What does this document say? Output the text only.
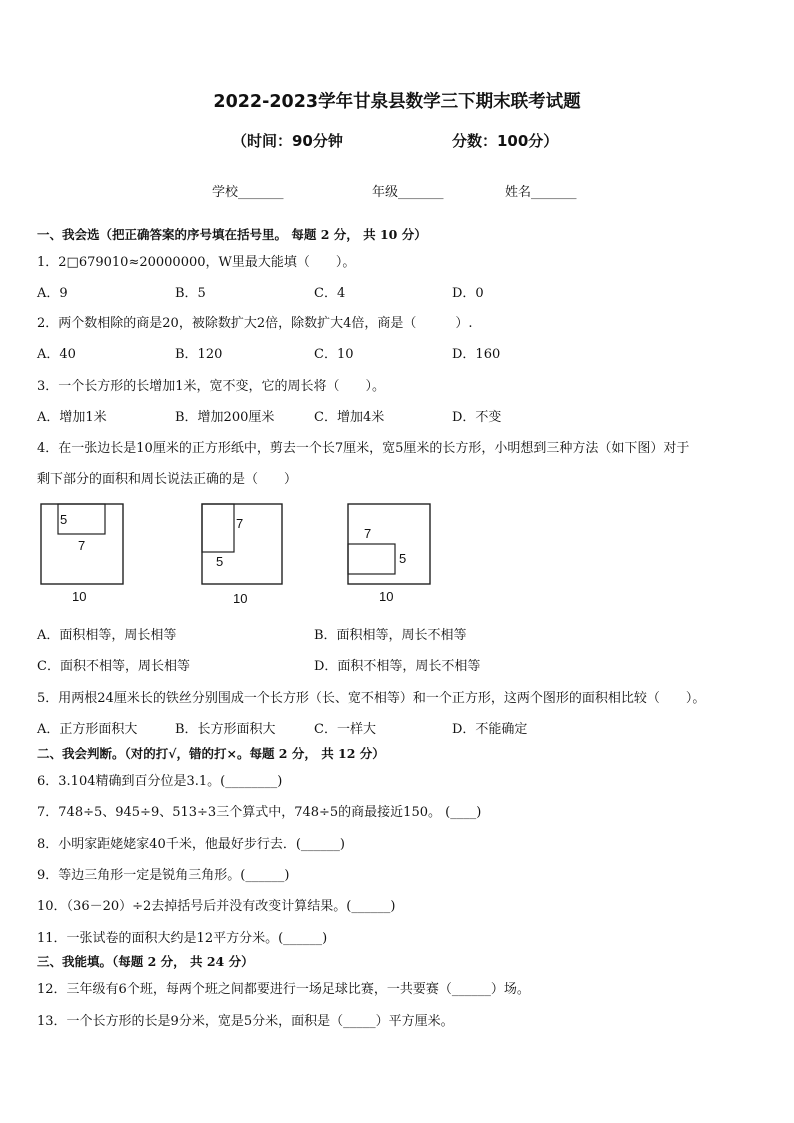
2022-2023学年甘泉县数学三下期末联考试题
（时间：90分钟	分数：100分）
学校_______	年级_______	姓名_______
一、我会选（把正确答案的序号填在括号里。 每题 2 分， 共 10 分）
1．2□679010≈20000000，W里最大能填（　　）。
A．9	B．5	C．4	D．0
2．两个数相除的商是20，被除数扩大2倍，除数扩大4倍，商是（　　　）.
A．40	B．120	C．10	D．160
3．一个长方形的长增加1米，宽不变，它的周长将（　　）。
A．增加1米	B．增加200厘米	C．增加4米	D．不变
4．在一张边长是10厘米的正方形纸中，剪去一个长7厘米，宽5厘米的长方形，小明想到三种方法（如下图）对于
剩下部分的面积和周长说法正确的是（　　）
5
7
10
7
5
10
7
5
10
A．面积相等，周长相等	B．面积相等，周长不相等
C．面积不相等，周长相等	D．面积不相等，周长不相等
5．用两根24厘米长的铁丝分别围成一个长方形（长、宽不相等）和一个正方形，这两个图形的面积相比较（　　）。
A．正方形面积大	B．长方形面积大	C．一样大	D．不能确定
二、我会判断。（对的打√，错的打×。每题 2 分， 共 12 分）
6．3.104精确到百分位是3.1。(________)
7．748÷5、945÷9、513÷3三个算式中，748÷5的商最接近150。 (____)
8．小明家距姥姥家40千米，他最好步行去．(______)
9．等边三角形一定是锐角三角形。(______)
10．（36－20）÷2去掉括号后并没有改变计算结果。(______)
11．一张试卷的面积大约是12平方分米。(______)
三、我能填。（每题 2 分， 共 24 分）
12．三年级有6个班，每两个班之间都要进行一场足球比赛，一共要赛（______）场。
13．一个长方形的长是9分米，宽是5分米，面积是（_____）平方厘米。
